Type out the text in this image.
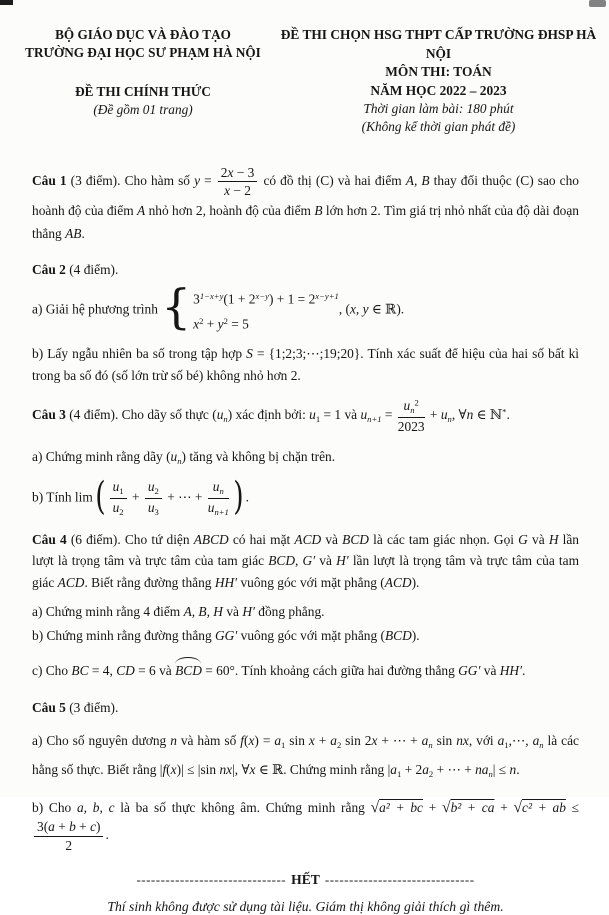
BỘ GIÁO DỤC VÀ ĐÀO TẠO
TRƯỜNG ĐẠI HỌC SƯ PHẠM HÀ NỘI
ĐỀ THI CHÍNH THỨC
(Đề gồm 01 trang)
ĐỀ THI CHỌN HSG THPT CẤP TRƯỜNG ĐHSP HÀ NỘI
MÔN THI: TOÁN
NĂM HỌC 2022 – 2023
Thời gian làm bài: 180 phút
(Không kể thời gian phát đề)

Câu 1 (3 điểm). Cho hàm số $y = \frac{2x - 3}{x - 2}$ có đồ thị (C) và hai điểm A, B thay đổi thuộc (C) sao cho hoành độ của điểm A nhỏ hơn 2, hoành độ của điểm B lớn hơn 2. Tìm giá trị nhỏ nhất của độ dài đoạn thẳng AB.

Câu 2 (4 điểm).

a) Giải hệ phương trình { $3^{1-x+y}(1 + 2^{x-y}) + 1 = 2^{x-y+1}$
$x^2 + y^2 = 5$
, (x, y ∈ ℝ).

b) Lấy ngẫu nhiên ba số trong tập hợp S = {1;2;3;⋯;19;20}. Tính xác suất để hiệu của hai số bất kì trong ba số đó (số lớn trừ số bé) không nhỏ hơn 2.

Câu 3 (4 điểm). Cho dãy số thực $(u_n)$ xác định bởi: $u_1 = 1$ và $u_{n+1} = \frac{u_n^2}{2023} + u_n$, ∀n ∈ ℕ*.

a) Chứng minh rằng dãy $(u_n)$ tăng và không bị chặn trên.

b) Tính $\lim( \frac{u_1}{u_2} + \frac{u_2}{u_3}$ + ⋯ + $\frac{u_n}{u_{n+1}}$ ) .

Câu 4 (6 điểm). Cho tứ diện ABCD có hai mặt ACD và BCD là các tam giác nhọn. Gọi G và H lần lượt là trọng tâm và trực tâm của tam giác BCD, G′ và H′ lần lượt là trọng tâm và trực tâm của tam giác ACD. Biết rằng đường thẳng HH′ vuông góc với mặt phẳng (ACD).

a) Chứng minh rằng 4 điểm A, B, H và H′ đồng phẳng.

b) Chứng minh rằng đường thẳng GG′ vuông góc với mặt phẳng (BCD).

c) Cho BC = 4, CD = 6 và BCD = 60°. Tính khoảng cách giữa hai đường thẳng GG′ và HH′.

Câu 5 (3 điểm).

a) Cho số nguyên dương n và hàm số $f(x) = a_1$ $\sin x + a_2$ sin 2x + ⋯ + $a_n$ sin nx, với $a_1,\cdots$, $a_n$ là các hằng số thực. Biết rằng |f(x)| ≤ |sin nx|, ∀x ∈ ℝ. Chứng minh rằng $|a_1 + 2a_2$ + ⋯ + $na_n| \le n$.

b) Cho a, b, c là ba số thực không âm. Chứng minh rằng √a² + bc + √b² + ca + √c² + ab ≤
$\frac{3(a + b + c)}{2}$ .

------------------------------- HẾT -------------------------------
Thí sinh không được sử dụng tài liệu. Giám thị không giải thích gì thêm.
